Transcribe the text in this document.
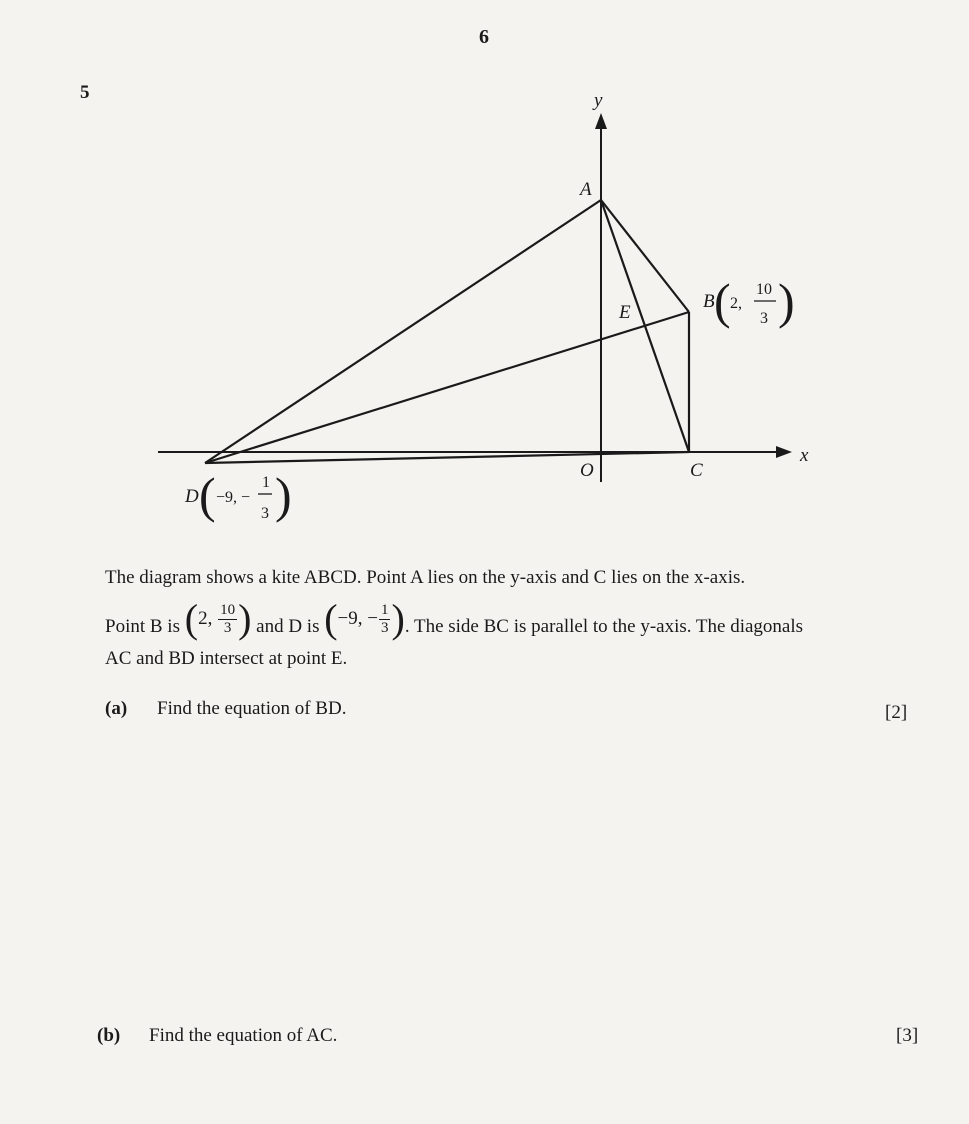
6
5	y
x
O
A
E
C
B
D
( 2,
10
3 )
( −9, −
1
3 )
The diagram shows a kite ABCD. Point A lies on the y-axis and C lies on the x-axis.
Point B is ( 2,
$\frac{10}{3}$ ) and D is ( −9, − $\frac{1}{3}$ ) . The side BC is parallel to the y-axis. The diagonals
AC and BD intersect at point E.
(a) Find the equation of BD.	[2]
(b) Find the equation of AC.	[3]
